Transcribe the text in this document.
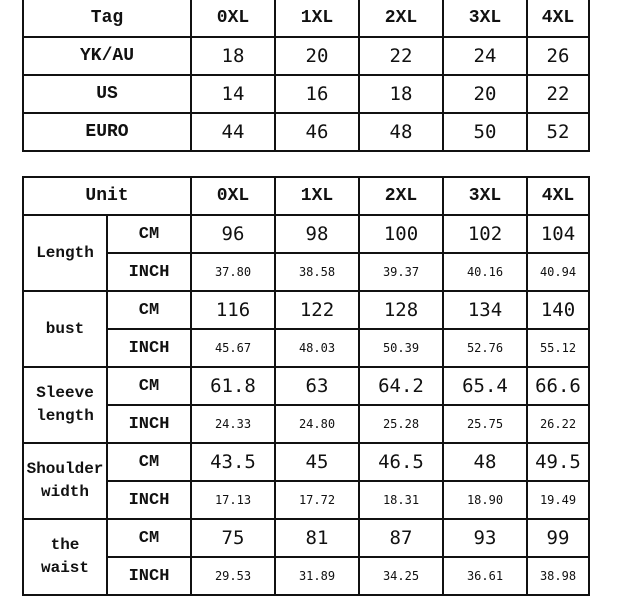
Tag	0XL	1XL	2XL	3XL	4XL
YK/AU	18	20	22	24	26
US	14	16	18	20	22
EURO	44	46	48	50	52
Unit		0XL	1XL	2XL	3XL	4XL
Length	CM	96	98	100	102	104
	INCH	37.80	38.58	39.37	40.16	40.94
bust	CM	116	122	128	134	140
	INCH	45.67	48.03	50.39	52.76	55.12

Sleeve
length	CM	61.8	63	64.2	65.4	66.6
	INCH	24.33	24.80	25.28	25.75	26.22

Shoulder
width	CM	43.5	45	46.5	48	49.5
	INCH	17.13	17.72	18.31	18.90	19.49

the
waist	CM	75	81	87	93	99
	INCH	29.53	31.89	34.25	36.61	38.98
